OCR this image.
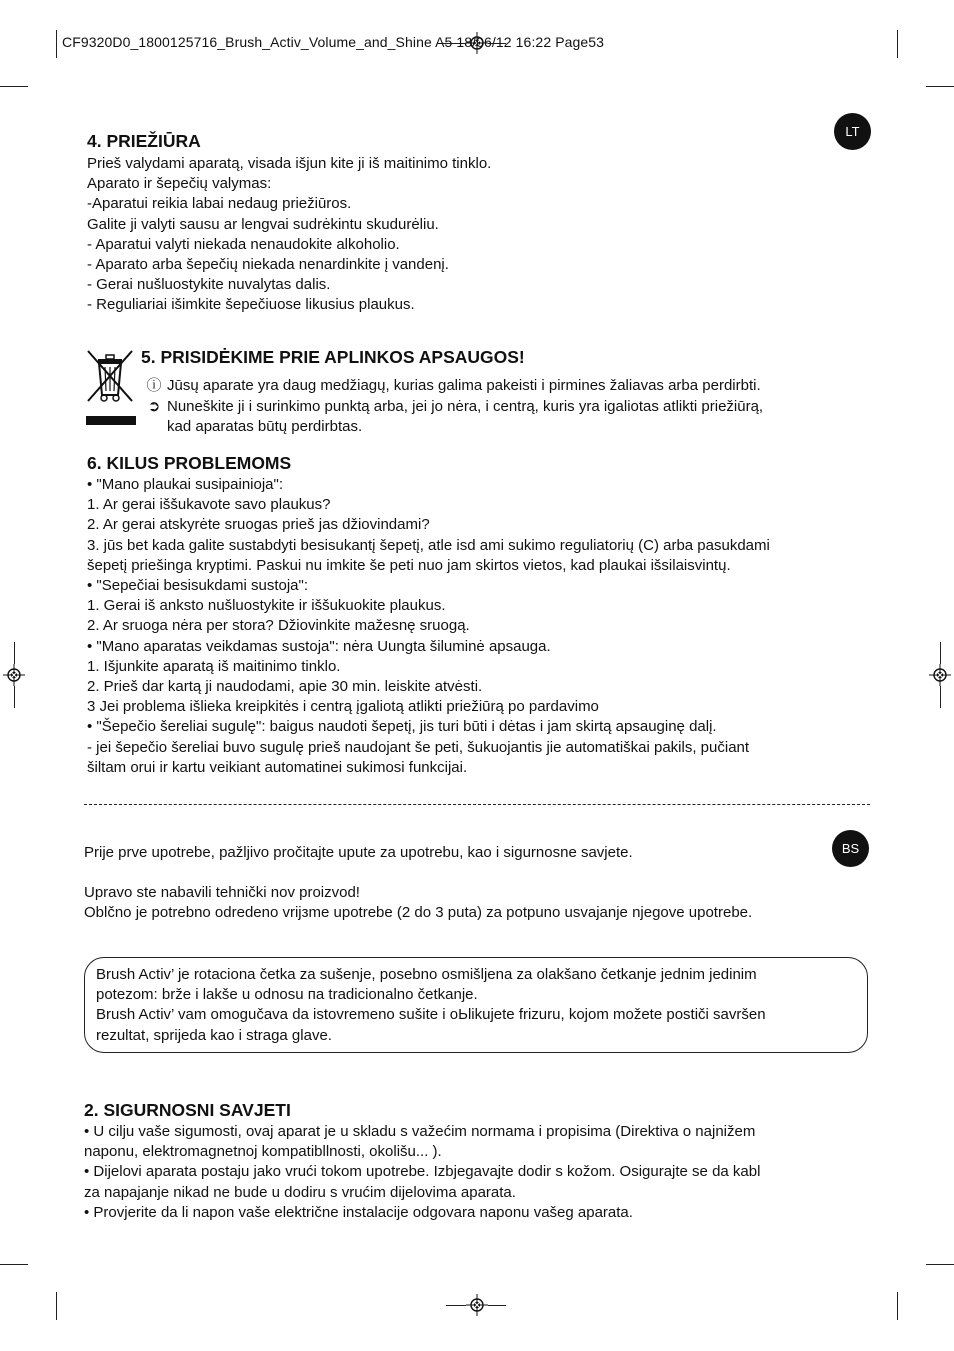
CF9320D0_1800125716_Brush_Activ_Volume_and_Shine A5 18/06/12 16:22 Page53
LT
BS
4. PRIEŽIŪRA
Prieš valydami aparatą, visada išjun kite ji iš maitinimo tinklo.
Aparato ir šepečių valymas:
-Aparatui reikia labai nedaug priežiūros.
Galite ji valyti sausu ar lengvai sudrėkintu skudurėliu.
- Aparatui valyti niekada nenaudokite alkoholio.
- Aparato arba šepečių niekada nenardinkite į vandenį.
- Gerai nušluostykite nuvalytas dalis.
- Reguliariai išimkite šepečiuose likusius plaukus.
5. PRISIDĖKIME PRIE APLINKOS APSAUGOS!
ⓘ Jūsų aparate yra daug medžiagų, kurias galima pakeisti i pirmines žaliavas arba perdirbti.
➲ Nuneškite ji i surinkimo punktą arba, jei jo nėra, i centrą, kuris yra igaliotas atlikti priežiūrą,
kad aparatas būtų perdirbtas.
6. KILUS PROBLEMOMS
• "Mano plaukai susipainioja":
1. Ar gerai iššukavote savo plaukus?
2. Ar gerai atskyrėte sruogas prieš jas džiovindami?
3. jūs bet kada galite sustabdyti besisukantį šepetį, atle isd ami sukimo reguliatorių (C) arba pasukdami
šepetį priešinga kryptimi. Paskui nu imkite še peti nuo jam skirtos vietos, kad plaukai išsilaisvintų.
• "Sepečiai besisukdami sustoja":
1. Gerai iš anksto nušluostykite ir iššukuokite plaukus.
2. Ar sruoga nėra per stora? Džiovinkite mažesnę sruogą.
• "Mano aparatas veikdamas sustoja": nėra Uungta šiluminė apsauga.
1. Išjunkite aparatą iš maitinimo tinklo.
2. Prieš dar kartą ji naudodami, apie 30 min. leiskite atvėsti.
3 Jei problema išlieka kreipkitės i centrą įgaliotą atlikti priežiūrą po pardavimo
• "Šepečio šereliai sugulę": baigus naudoti šepetį, jis turi būti i dėtas i jam skirtą apsauginę dalį.
- jei šepečio šereliai buvo sugulę prieš naudojant še peti, šukuojantis jie automatiškai pakils, pučiant
šiltam orui ir kartu veikiant automatinei sukimosi funkcijai.
Prije prve upotrebe, pažljivo pročitajte upute za upotrebu, kao i sigurnosne savjete.
Upravo ste nabavili tehnički nov proizvod!
Oblčno je potrebno odredeno vrijзme upotrebe (2 do 3 puta) za potpuno usvajanje njegove upotrebe.
Brush Activ’ je rotaciona četka za sušenje, posebno osmišljena za olakšano četkanje jednim jedinim
potezom: brže i lakše u odnosu пa tradicionalno četkanje.
Brush Activ’ vam omogučava da istovremeno sušite i oЬlikujete frizuru, kojom možete postiči savršen
rezultat, sprijeda kao i straga glave.
2. SIGURNOSNI SAVJETI
• U cilju vaše sigumosti, ovaj aparat je u skladu s važećim normama i propisima (Direktiva o najnižem
naponu, elektromagnetnoj kompatibllnosti, okolišu... ).
• Dijelovi aparata postaju jako vrući tokom upotrebe. Izbjegavajte dodir s kožom. Osigurajte se da kabl
za napajanje nikad ne bude u dodiru s vrućim dijelovima aparata.
• Provjerite da li napon vaše električne instalacije odgovara naponu vašeg aparata.
